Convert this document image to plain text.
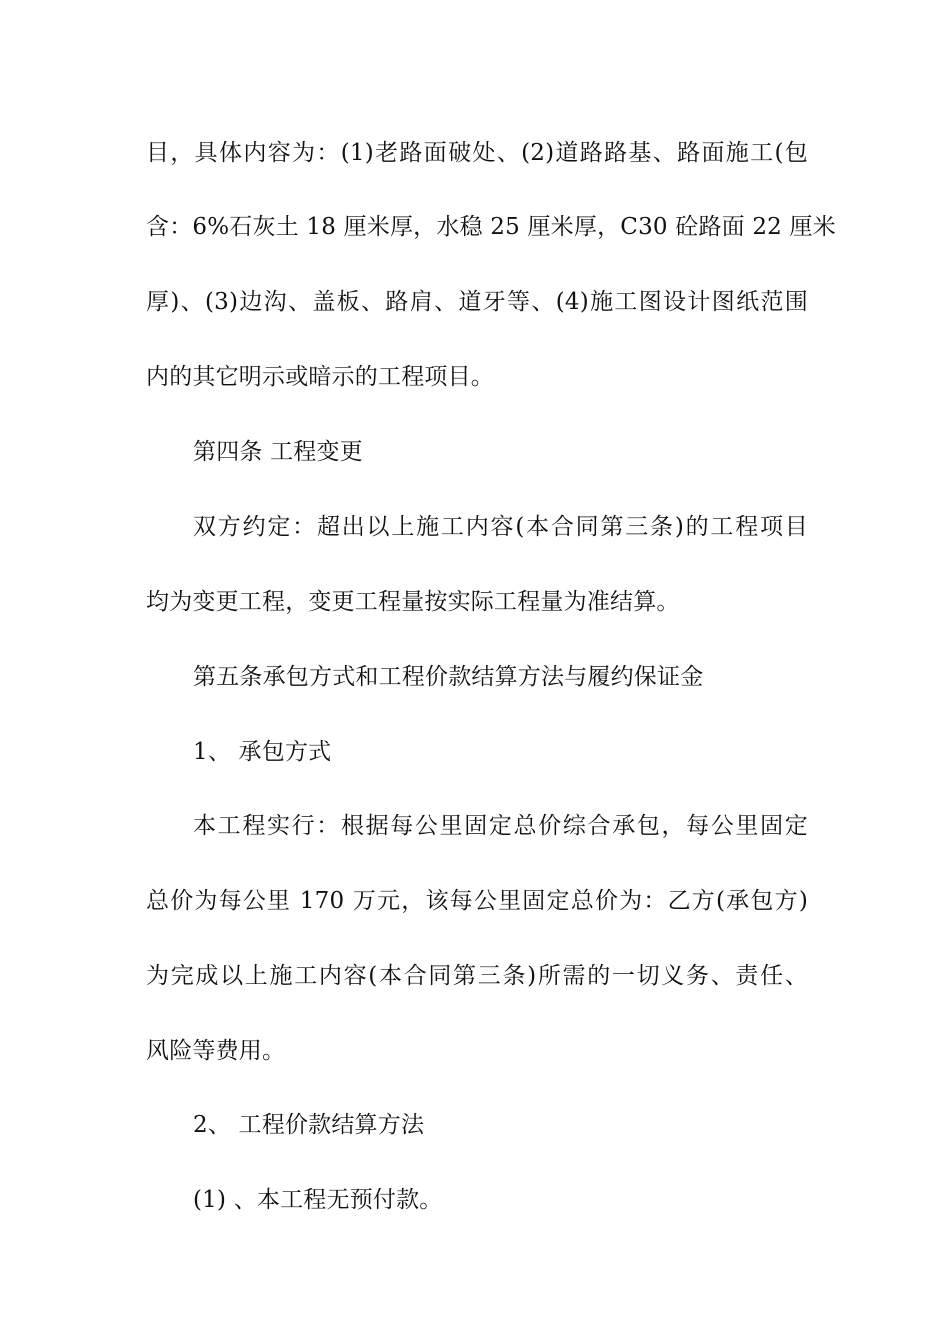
目，具体内容为：(1)老路面破处、(2)道路路基、路面施工(包
含：6%石灰土 18 厘米厚，水稳 25 厘米厚，C30 砼路面 22 厘米
厚)、(3)边沟、盖板、路肩、道牙等、(4)施工图设计图纸范围
内的其它明示或暗示的工程项目。
第四条 工程变更
双方约定：超出以上施工内容(本合同第三条)的工程项目
均为变更工程，变更工程量按实际工程量为准结算。
第五条承包方式和工程价款结算方法与履约保证金
1、 承包方式
本工程实行：根据每公里固定总价综合承包，每公里固定
总价为每公里 170 万元，该每公里固定总价为：乙方(承包方)
为完成以上施工内容(本合同第三条)所需的一切义务、责任、
风险等费用。
2、 工程价款结算方法
(1) 、本工程无预付款。
